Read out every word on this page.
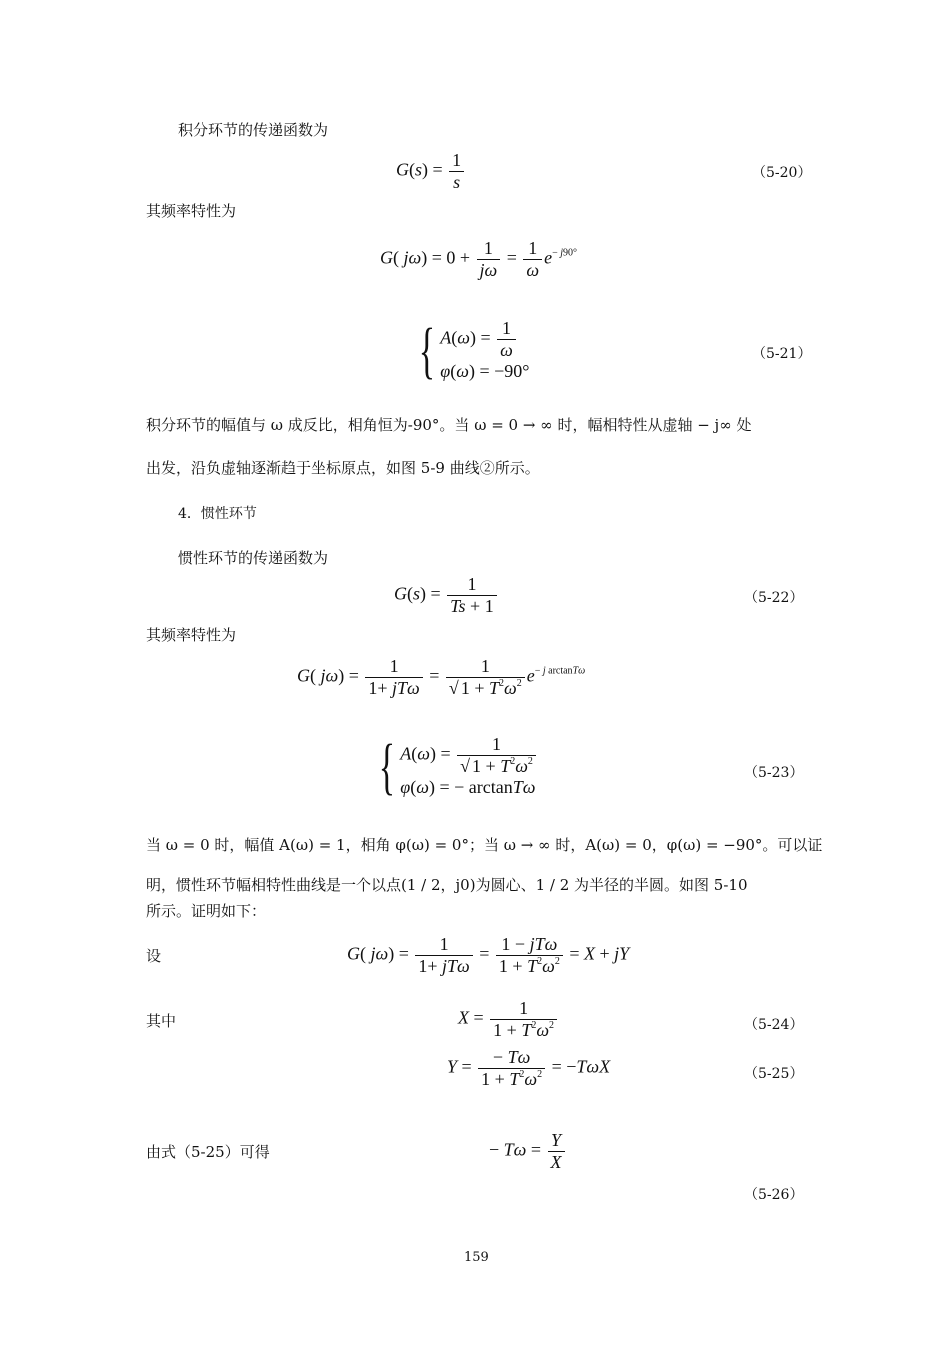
积分环节的传递函数为
$G(s) = \frac{1}{s}$	（5-20）
其频率特性为
G( $j\omega) = 0 + \frac{1}{j\omega} = \frac{1}{\omega} e^{- j90^\circ}$
{ $A(\omega) = \frac{1}{\omega}$
φ(ω) = −90°
（5-21）
积分环节的幅值与 ω 成反比，相角恒为-90°。当 ω = 0 → ∞ 时，幅相特性从虚轴 − j∞ 处
出发，沿负虚轴逐渐趋于坐标原点，如图 5-9 曲线②所示。
4．惯性环节
惯性环节的传递函数为
$G(s) = \frac{1}{Ts + 1}$	（5-22）
其频率特性为
G( $j\omega) = \frac{1}{\text{1+ jTω}} = \frac{1}{√ 1 + T^2\omega^2} e^{- j arctanT\omega}$
{ $A(\omega) = \frac{1}{√ 1 + T^2\omega^2}$
φ(ω) = − arctanTω
（5-23）
当 ω = 0 时，幅值 A(ω) = 1，相角 φ(ω) = 0°；当 ω → ∞ 时，A(ω) = 0，φ(ω) = −90°。可以证
明，惯性环节幅相特性曲线是一个以点(1 / 2，j0)为圆心、1 / 2 为半径的半圆。如图 5-10
所示。证明如下：
设	G( $j\omega) = \frac{1}{\text{1+ jTω}} = \frac{\text{1 − jTω}}{1 + T^2\omega^2} = X$ + jY
其中	$X = \frac{1}{1 + T^2\omega^2}$	（5-24）
$Y = \frac{- T\omega}{1 + T^2\omega^2} = -T\omega X$	（5-25）
由式（5-25）可得	− $T\omega = \frac{Y}{X}$
（5-26）
159
